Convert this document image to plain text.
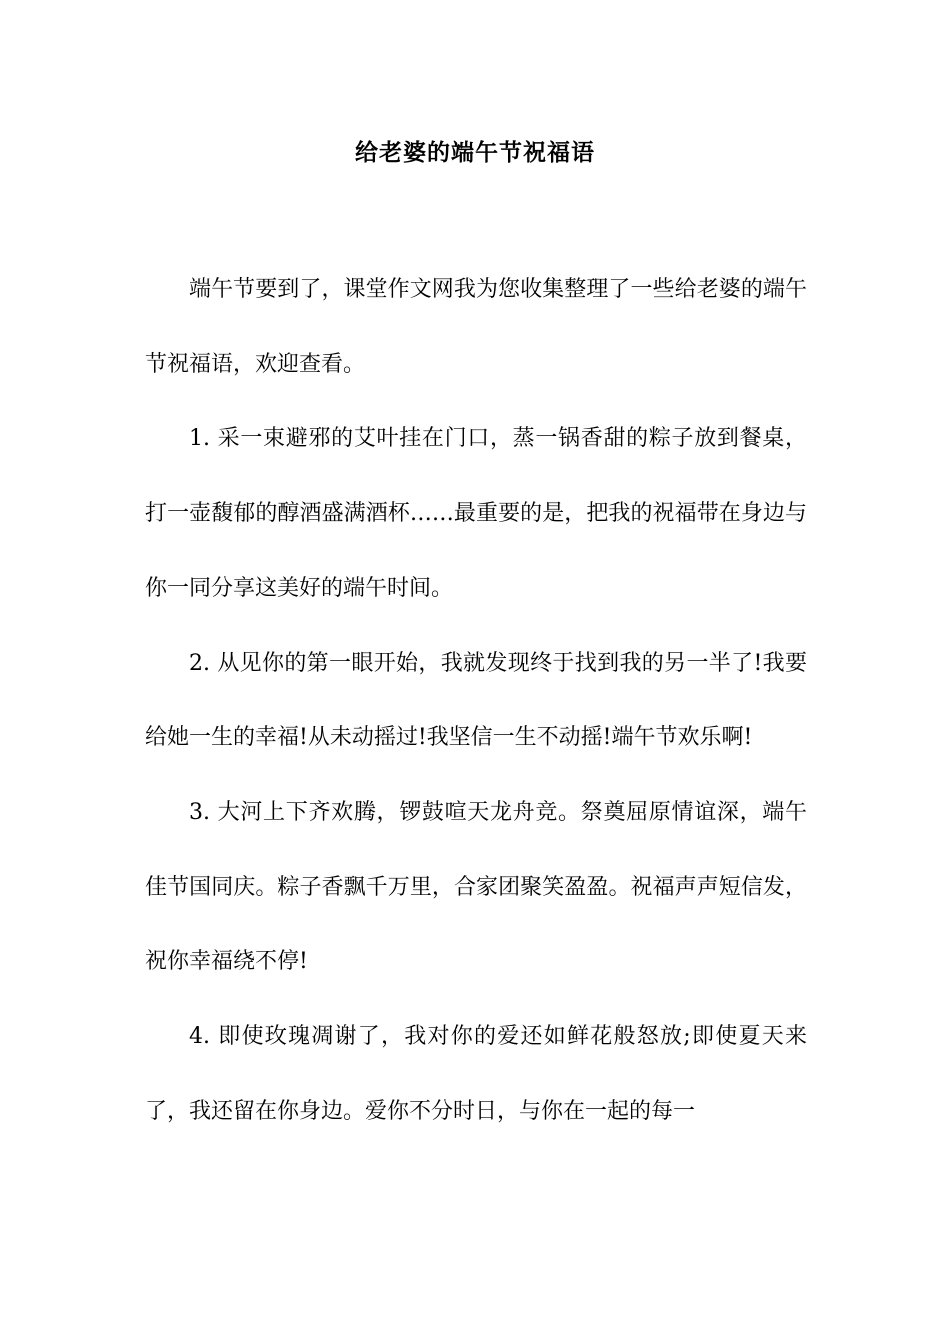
给老婆的端午节祝福语

端午节要到了，课堂作文网我为您收集整理了一些给老婆的端午节祝福语，欢迎查看。

1. 采一束避邪的艾叶挂在门口，蒸一锅香甜的粽子放到餐桌，打一壶馥郁的醇酒盛满酒杯……最重要的是，把我的祝福带在身边与你一同分享这美好的端午时间。

2. 从见你的第一眼开始，我就发现终于找到我的另一半了!我要给她一生的幸福!从未动摇过!我坚信一生不动摇!端午节欢乐啊!

3. 大河上下齐欢腾，锣鼓喧天龙舟竞。祭奠屈原情谊深，端午佳节国同庆。粽子香飘千万里，合家团聚笑盈盈。祝福声声短信发，祝你幸福绕不停!

4. 即使玫瑰凋谢了，我对你的爱还如鲜花般怒放;即使夏天来了，我还留在你身边。爱你不分时日，与你在一起的每一
